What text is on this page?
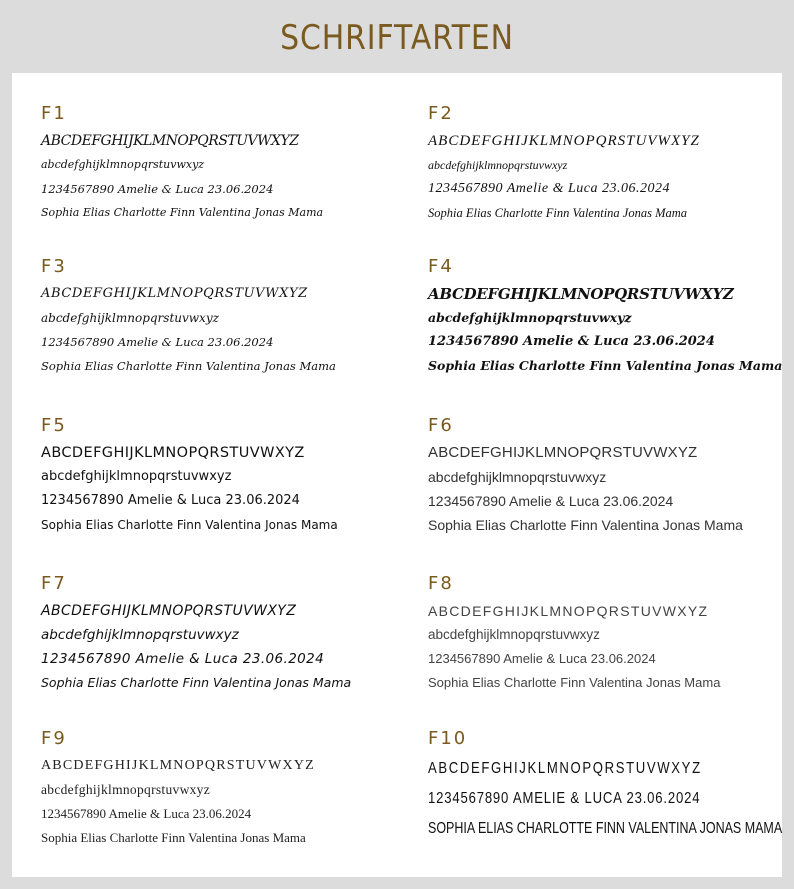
SCHRIFTARTEN
F1
ABCDEFGHIJKLMNOPQRSTUVWXYZ
abcdefghijklmnopqrstuvwxyz
1234567890 Amelie & Luca 23.06.2024
Sophia Elias Charlotte Finn Valentina Jonas Mama
F2
ABCDEFGHIJKLMNOPQRSTUVWXYZ
abcdefghijklmnopqrstuvwxyz
1234567890 Amelie & Luca 23.06.2024
Sophia Elias Charlotte Finn Valentina Jonas Mama
F3
ABCDEFGHIJKLMNOPQRSTUVWXYZ
abcdefghijklmnopqrstuvwxyz
1234567890 Amelie & Luca 23.06.2024
Sophia Elias Charlotte Finn Valentina Jonas Mama
F4
ABCDEFGHIJKLMNOPQRSTUVWXYZ
abcdefghijklmnopqrstuvwxyz
1234567890 Amelie & Luca 23.06.2024
Sophia Elias Charlotte Finn Valentina Jonas Mama
F5
ABCDEFGHIJKLMNOPQRSTUVWXYZ
abcdefghijklmnopqrstuvwxyz
1234567890 Amelie & Luca 23.06.2024
Sophia Elias Charlotte Finn Valentina Jonas Mama
F6
ABCDEFGHIJKLMNOPQRSTUVWXYZ
abcdefghijklmnopqrstuvwxyz
1234567890 Amelie & Luca 23.06.2024
Sophia Elias Charlotte Finn Valentina Jonas Mama
F7
ABCDEFGHIJKLMNOPQRSTUVWXYZ
abcdefghijklmnopqrstuvwxyz
1234567890 Amelie & Luca 23.06.2024
Sophia Elias Charlotte Finn Valentina Jonas Mama
F8
ABCDEFGHIJKLMNOPQRSTUVWXYZ
abcdefghijklmnopqrstuvwxyz
1234567890 Amelie & Luca 23.06.2024
Sophia Elias Charlotte Finn Valentina Jonas Mama
F9
ABCDEFGHIJKLMNOPQRSTUVWXYZ
abcdefghijklmnopqrstuvwxyz
1234567890 Amelie & Luca 23.06.2024
Sophia Elias Charlotte Finn Valentina Jonas Mama
F10
ABCDEFGHIJKLMNOPQRSTUVWXYZ
1234567890 AMELIE & LUCA 23.06.2024
SOPHIA ELIAS CHARLOTTE FINN VALENTINA JONAS MAMA
